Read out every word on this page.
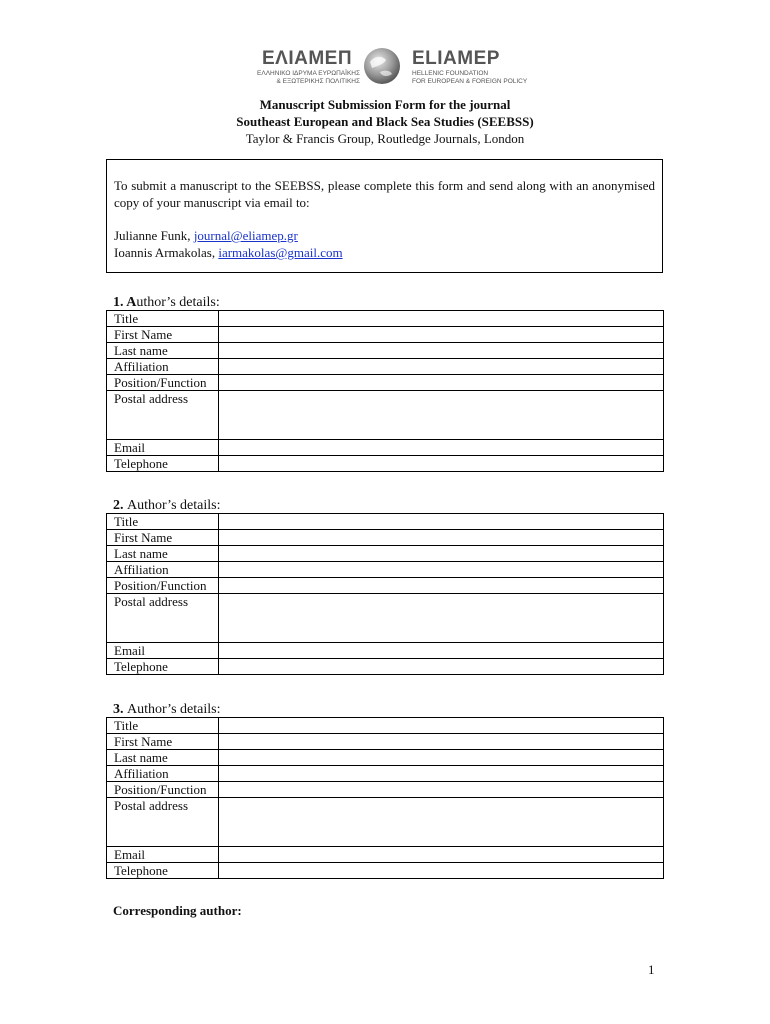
ΕΛΙΑΜΕΠ
ΕΛΛΗΝΙΚΟ ΙΔΡΥΜΑ ΕΥΡΩΠΑΪΚΗΣ
& ΕΞΩΤΕΡΙΚΗΣ ΠΟΛΙΤΙΚΗΣ
ELIAMEP
HELLENIC FOUNDATION
FOR EUROPEAN & FOREIGN POLICY
Manuscript Submission Form for the journal
Southeast European and Black Sea Studies (SEEBSS)
Taylor & Francis Group, Routledge Journals, London

To submit a manuscript to the SEEBSS, please complete this form and send along with an anonymised copy of your manuscript via email to:

Julianne Funk, journal@eliamep.gr
Ioannis Armakolas, iarmakolas@gmail.com
1. Author’s details:
Title	
First Name	
Last name	
Affiliation	
Position/Function	
Postal address	
Email	
Telephone	
2. Author’s details:
Title	
First Name	
Last name	
Affiliation	
Position/Function	
Postal address	
Email	
Telephone	
3. Author’s details:
Title	
First Name	
Last name	
Affiliation	
Position/Function	
Postal address	
Email	
Telephone	
Corresponding author:
1
